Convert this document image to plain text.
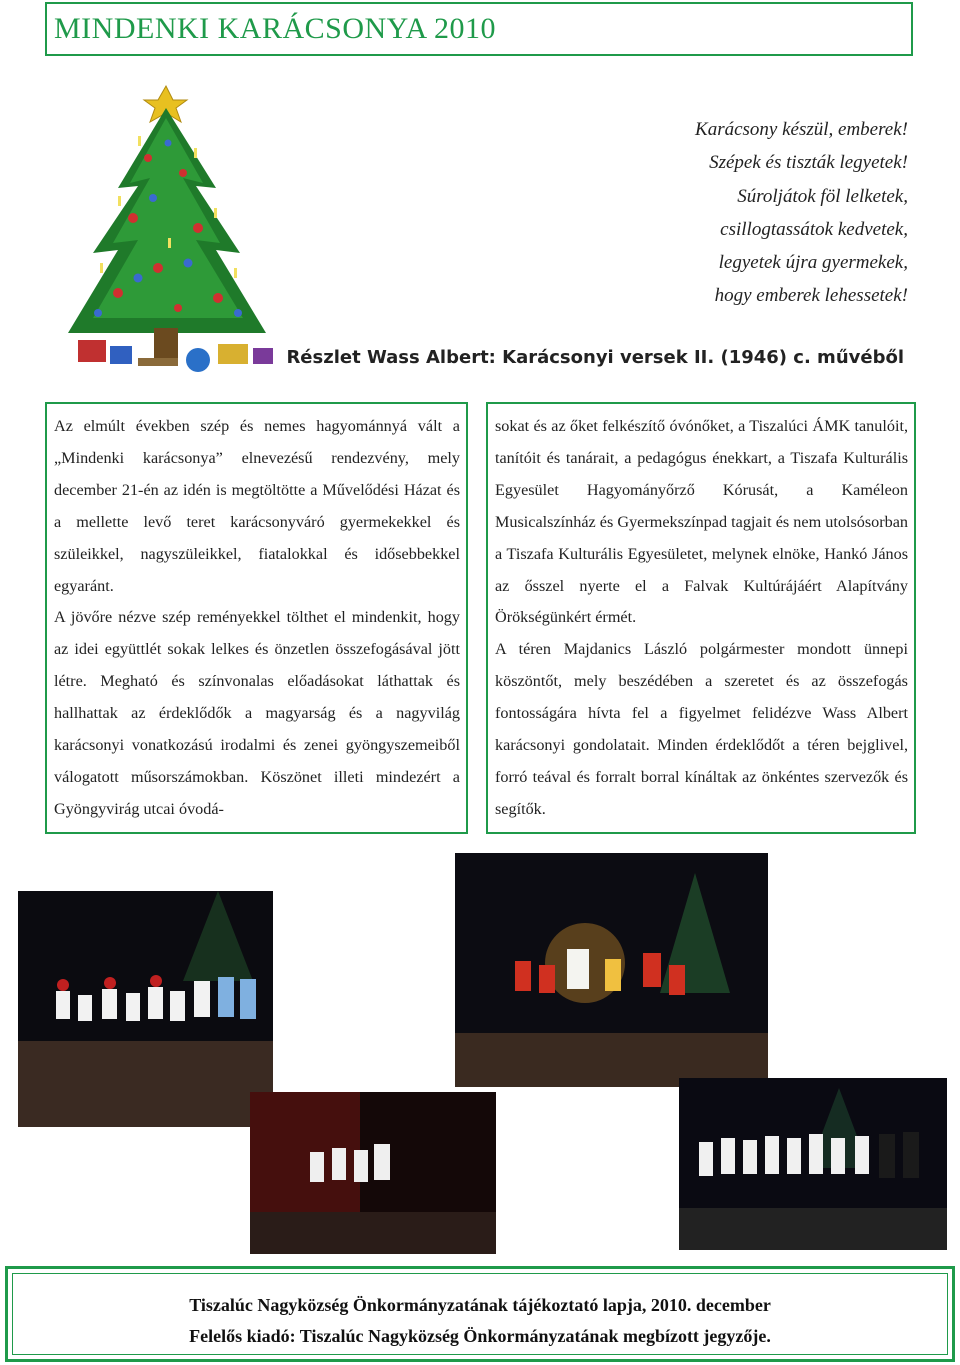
MINDENKI KARÁCSONYA 2010
Karácsony készül, emberek!
Szépek és tiszták legyetek!
Súroljátok föl lelketek,
csillogtassátok kedvetek,
legyetek újra gyermekek,
hogy emberek lehessetek!
Részlet Wass Albert: Karácsonyi versek II. (1946) c. művéből

Az elmúlt években szép és nemes hagyománnyá vált a „Mindenki karácsonya” elnevezésű rendezvény, mely december 21-én az idén is megtöltötte a Művelődési Házat és a mellette levő teret karácsonyváró gyermekekkel és szüleikkel, nagyszüleikkel, fiatalokkal és idősebbekkel egyaránt.

A jövőre nézve szép reményekkel tölthet el mindenkit, hogy az idei együttlét sokak lelkes és önzetlen összefogásával jött létre. Megható és színvonalas előadásokat láthattak és hallhattak az érdeklődők a magyarság és a nagyvilág karácsonyi vonatkozású irodalmi és zenei gyöngyszemeiből válogatott műsorszámokban. Köszönet illeti mindezért a Gyöngyvirág utcai óvodá-

sokat és az őket felkészítő óvónőket, a Tiszalúci ÁMK tanulóit, tanítóit és tanárait, a pedagógus énekkart, a Tiszafa Kulturális Egyesület Hagyományőrző Kórusát, a Kaméleon Musicalszínház és Gyermekszínpad tagjait és nem utolsósorban a Tiszafa Kulturális Egyesületet, melynek elnöke, Hankó János az ősszel nyerte el a Falvak Kultúrájáért Alapítvány Örökségünkért érmét.

A téren Majdanics László polgármester mondott ünnepi köszöntőt, mely beszédében a szeretet és az összefogás fontosságára hívta fel a figyelmet felidézve Wass Albert karácsonyi gondolatait. Minden érdeklődőt a téren bejglivel, forró teával és forralt borral kínáltak az önkéntes szervezők és segítők.

Tiszalúc Nagyközség Önkormányzatának tájékoztató lapja, 2010. december
Felelős kiadó: Tiszalúc Nagyközség Önkormányzatának megbízott jegyzője.
